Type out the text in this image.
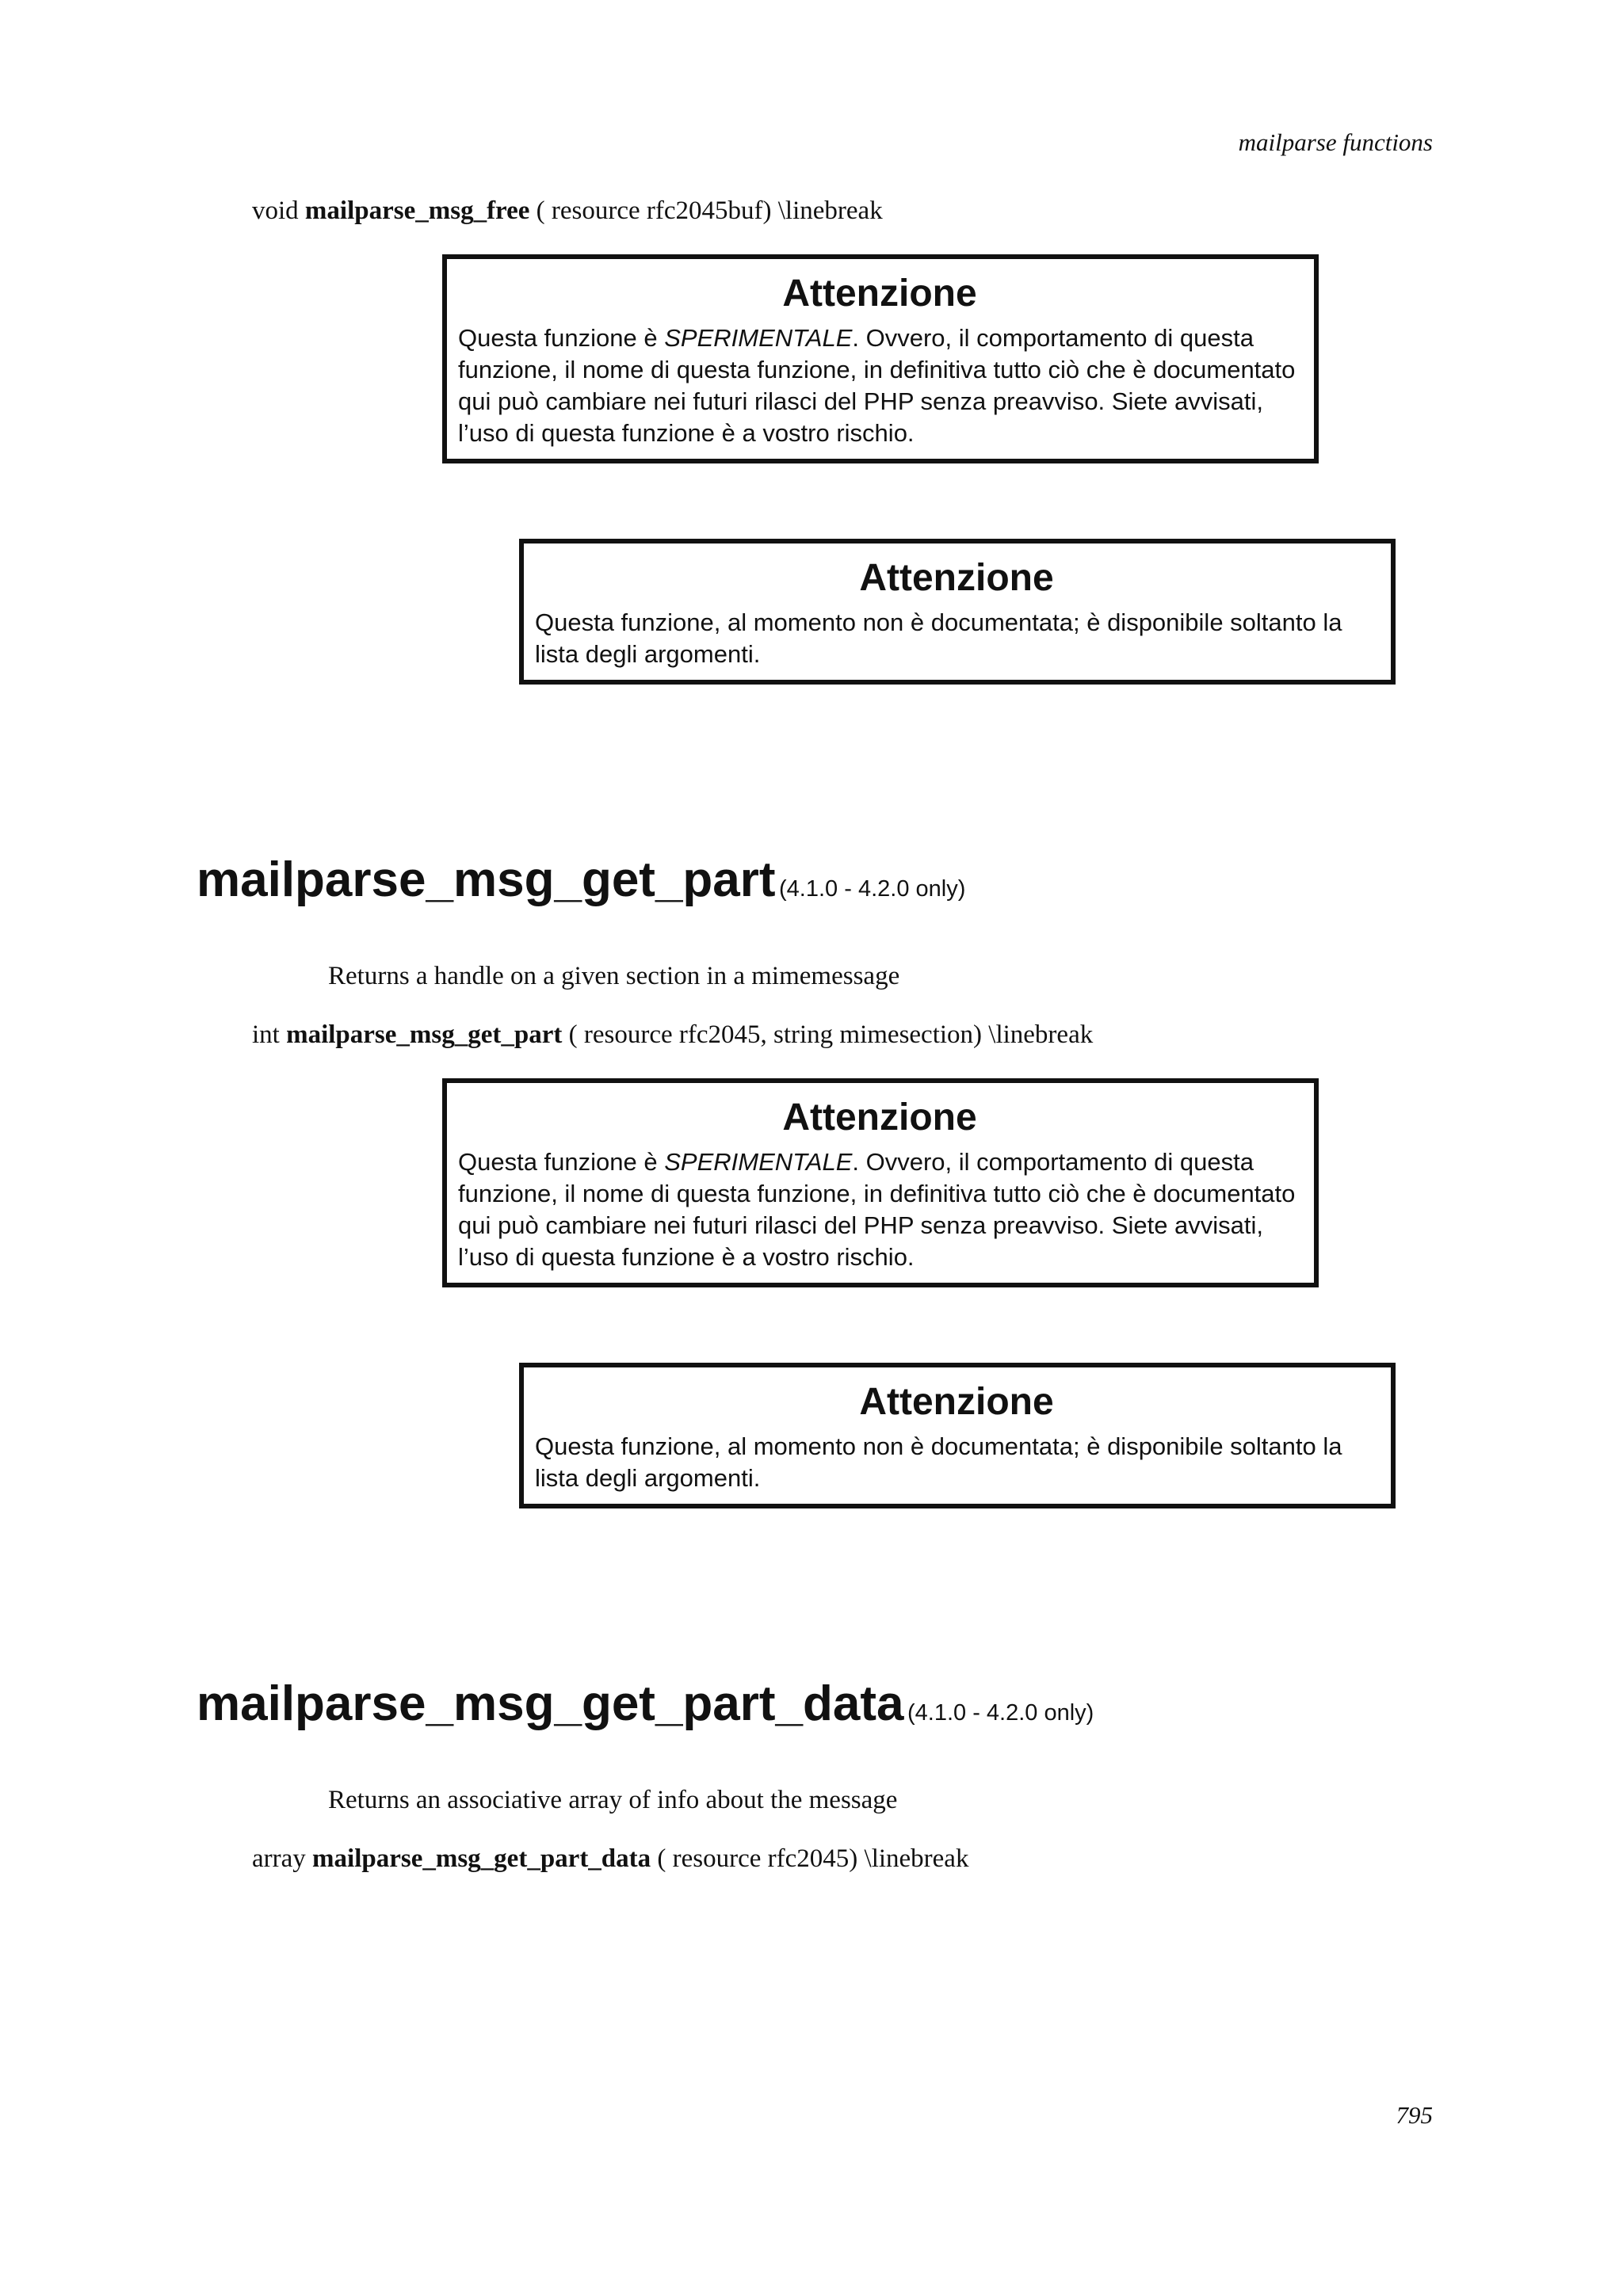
mailparse functions
void mailparse_msg_free ( resource rfc2045buf) \linebreak
Attenzione
Questa funzione è SPERIMENTALE. Ovvero, il comportamento di questa funzione, il nome di questa funzione, in definitiva tutto ciò che è documentato qui può cambiare nei futuri rilasci del PHP senza preavviso. Siete avvisati, l’uso di questa funzione è a vostro rischio.
Attenzione
Questa funzione, al momento non è documentata; è disponibile soltanto la lista degli argomenti.
mailparse_msg_get_part (4.1.0 - 4.2.0 only)
Returns a handle on a given section in a mimemessage
int mailparse_msg_get_part ( resource rfc2045, string mimesection) \linebreak
Attenzione
Questa funzione è SPERIMENTALE. Ovvero, il comportamento di questa funzione, il nome di questa funzione, in definitiva tutto ciò che è documentato qui può cambiare nei futuri rilasci del PHP senza preavviso. Siete avvisati, l’uso di questa funzione è a vostro rischio.
Attenzione
Questa funzione, al momento non è documentata; è disponibile soltanto la lista degli argomenti.
mailparse_msg_get_part_data (4.1.0 - 4.2.0 only)
Returns an associative array of info about the message
array mailparse_msg_get_part_data ( resource rfc2045) \linebreak
795
